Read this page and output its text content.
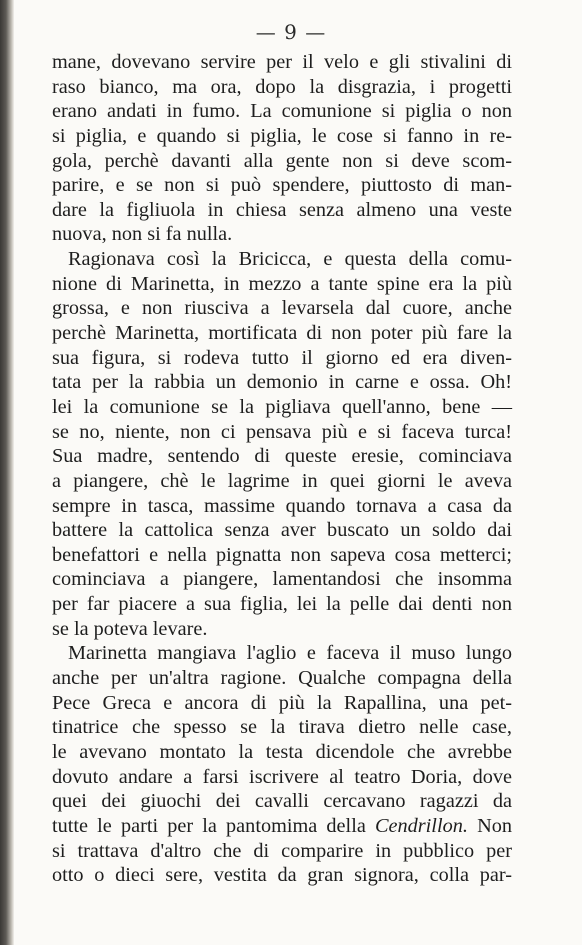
— 9 —
mane, dovevano servire per il velo e gli stivalini di
raso bianco, ma ora, dopo la disgrazia, i progetti
erano andati in fumo. La comunione si piglia o non
si piglia, e quando si piglia, le cose si fanno in re-
gola, perchè davanti alla gente non si deve scom-
parire, e se non si può spendere, piuttosto di man-
dare la figliuola in chiesa senza almeno una veste
nuova, non si fa nulla.
Ragionava così la Bricicca, e questa della comu-
nione di Marinetta, in mezzo a tante spine era la più
grossa, e non riusciva a levarsela dal cuore, anche
perchè Marinetta, mortificata di non poter più fare la
sua figura, si rodeva tutto il giorno ed era diven-
tata per la rabbia un demonio in carne e ossa. Oh!
lei la comunione se la pigliava quell'anno, bene —
se no, niente, non ci pensava più e si faceva turca!
Sua madre, sentendo di queste eresie, cominciava
a piangere, chè le lagrime in quei giorni le aveva
sempre in tasca, massime quando tornava a casa da
battere la cattolica senza aver buscato un soldo dai
benefattori e nella pignatta non sapeva cosa metterci;
cominciava a piangere, lamentandosi che insomma
per far piacere a sua figlia, lei la pelle dai denti non
se la poteva levare.
Marinetta mangiava l'aglio e faceva il muso lungo
anche per un'altra ragione. Qualche compagna della
Pece Greca e ancora di più la Rapallina, una pet-
tinatrice che spesso se la tirava dietro nelle case,
le avevano montato la testa dicendole che avrebbe
dovuto andare a farsi iscrivere al teatro Doria, dove
quei dei giuochi dei cavalli cercavano ragazzi da
tutte le parti per la pantomima della Cendrillon. Non
si trattava d'altro che di comparire in pubblico per
otto o dieci sere, vestita da gran signora, colla par-
